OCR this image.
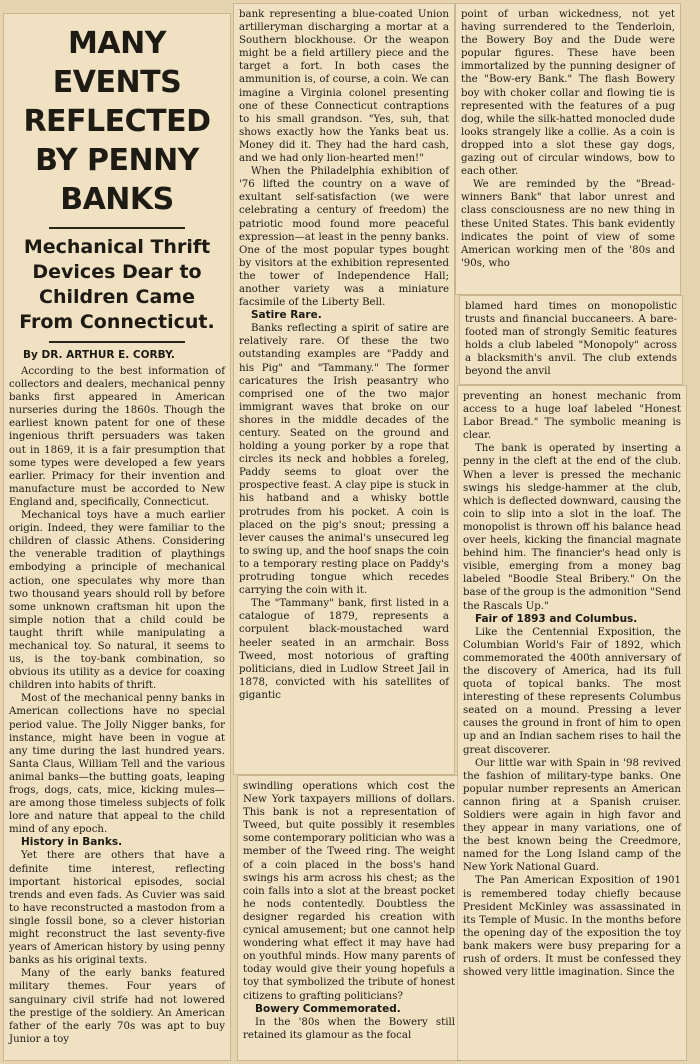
MANY EVENTS REFLECTED BY PENNY BANKS
Mechanical Thrift Devices Dear to Children Came From Connecticut.
By DR. ARTHUR E. CORBY.

According to the best information of collectors and dealers, mechanical penny banks first appeared in American nurseries during the 1860s. Though the earliest known patent for one of these ingenious thrift persuaders was taken out in 1869, it is a fair presumption that some types were developed a few years earlier. Primacy for their invention and manufacture must be accorded to New England and, specifically, Connecticut.

Mechanical toys have a much earlier origin. Indeed, they were familiar to the children of classic Athens. Considering the venerable tradition of playthings embodying a principle of mechanical action, one speculates why more than two thousand years should roll by before some unknown craftsman hit upon the simple notion that a child could be taught thrift while manipulating a mechanical toy. So natural, it seems to us, is the toy-bank combination, so obvious its utility as a device for coaxing children into habits of thrift.

Most of the mechanical penny banks in American collections have no special period value. The Jolly Nigger banks, for instance, might have been in vogue at any time during the last hundred years. Santa Claus, William Tell and the various animal banks—the butting goats, leaping frogs, dogs, cats, mice, kicking mules—are among those timeless subjects of folk lore and nature that appeal to the child mind of any epoch.

History in Banks.

Yet there are others that have a definite time interest, reflecting important historical episodes, social trends and even fads. As Cuvier was said to have reconstructed a mastodon from a single fossil bone, so a clever historian might reconstruct the last seventy-five years of American history by using penny banks as his original texts.

Many of the early banks featured military themes. Four years of sanguinary civil strife had not lowered the prestige of the soldiery. An American father of the early 70s was apt to buy Junior a toy

bank representing a blue-coated Union artilleryman discharging a mortar at a Southern blockhouse. Or the weapon might be a field artillery piece and the target a fort. In both cases the ammunition is, of course, a coin. We can imagine a Virginia colonel presenting one of these Connecticut contraptions to his small grandson. "Yes, suh, that shows exactly how the Yanks beat us. Money did it. They had the hard cash, and we had only lion-hearted men!"

When the Philadelphia exhibition of '76 lifted the country on a wave of exultant self-satisfaction (we were celebrating a century of freedom) the patriotic mood found more peaceful expression—at least in the penny banks. One of the most popular types bought by visitors at the exhibition represented the tower of Independence Hall; another variety was a miniature facsimile of the Liberty Bell.

Satire Rare.

Banks reflecting a spirit of satire are relatively rare. Of these the two outstanding examples are "Paddy and his Pig" and "Tammany." The former caricatures the Irish peasantry who comprised one of the two major immigrant waves that broke on our shores in the middle decades of the century. Seated on the ground and holding a young porker by a rope that circles its neck and hobbles a foreleg, Paddy seems to gloat over the prospective feast. A clay pipe is stuck in his hatband and a whisky bottle protrudes from his pocket. A coin is placed on the pig's snout; pressing a lever causes the animal's unsecured leg to swing up, and the hoof snaps the coin to a temporary resting place on Paddy's protruding tongue which recedes carrying the coin with it.

The "Tammany" bank, first listed in a catalogue of 1879, represents a corpulent black-moustached ward heeler seated in an armchair. Boss Tweed, most notorious of grafting politicians, died in Ludlow Street Jail in 1878, convicted with his satellites of gigantic

swindling operations which cost the New York taxpayers millions of dollars. This bank is not a representation of Tweed, but quite possibly it resembles some contemporary politician who was a member of the Tweed ring. The weight of a coin placed in the boss's hand swings his arm across his chest; as the coin falls into a slot at the breast pocket he nods contentedly. Doubtless the designer regarded his creation with cynical amusement; but one cannot help wondering what effect it may have had on youthful minds. How many parents of today would give their young hopefuls a toy that symbolized the tribute of honest citizens to grafting politicians?

Bowery Commemorated.

In the '80s when the Bowery still retained its glamour as the focal

point of urban wickedness, not yet having surrendered to the Tenderloin, the Bowery Boy and the Dude were popular figures. These have been immortalized by the punning designer of the "Bow-ery Bank." The flash Bowery boy with choker collar and flowing tie is represented with the features of a pug dog, while the silk-hatted monocled dude looks strangely like a collie. As a coin is dropped into a slot these gay dogs, gazing out of circular windows, bow to each other.

We are reminded by the "Bread-winners Bank" that labor unrest and class consciousness are no new thing in these United States. This bank evidently indicates the point of view of some American working men of the '80s and '90s, who

blamed hard times on monopolistic trusts and financial buccaneers. A bare-footed man of strongly Semitic features holds a club labeled "Monopoly" across a blacksmith's anvil. The club extends beyond the anvil

preventing an honest mechanic from access to a huge loaf labeled "Honest Labor Bread." The symbolic meaning is clear.

The bank is operated by inserting a penny in the cleft at the end of the club. When a lever is pressed the mechanic swings his sledge-hammer at the club, which is deflected downward, causing the coin to slip into a slot in the loaf. The monopolist is thrown off his balance head over heels, kicking the financial magnate behind him. The financier's head only is visible, emerging from a money bag labeled "Boodle Steal Bribery." On the base of the group is the admonition "Send the Rascals Up."

Fair of 1893 and Columbus.

Like the Centennial Exposition, the Columbian World's Fair of 1892, which commemorated the 400th anniversary of the discovery of America, had its full quota of topical banks. The most interesting of these represents Columbus seated on a mound. Pressing a lever causes the ground in front of him to open up and an Indian sachem rises to hail the great discoverer.

Our little war with Spain in '98 revived the fashion of military-type banks. One popular number represents an American cannon firing at a Spanish cruiser. Soldiers were again in high favor and they appear in many variations, one of the best known being the Creedmore, named for the Long Island camp of the New York National Guard.

The Pan American Exposition of 1901 is remembered today chiefly because President McKinley was assassinated in its Temple of Music. In the months before the opening day of the exposition the toy bank makers were busy preparing for a rush of orders. It must be confessed they showed very little imagination. Since the
